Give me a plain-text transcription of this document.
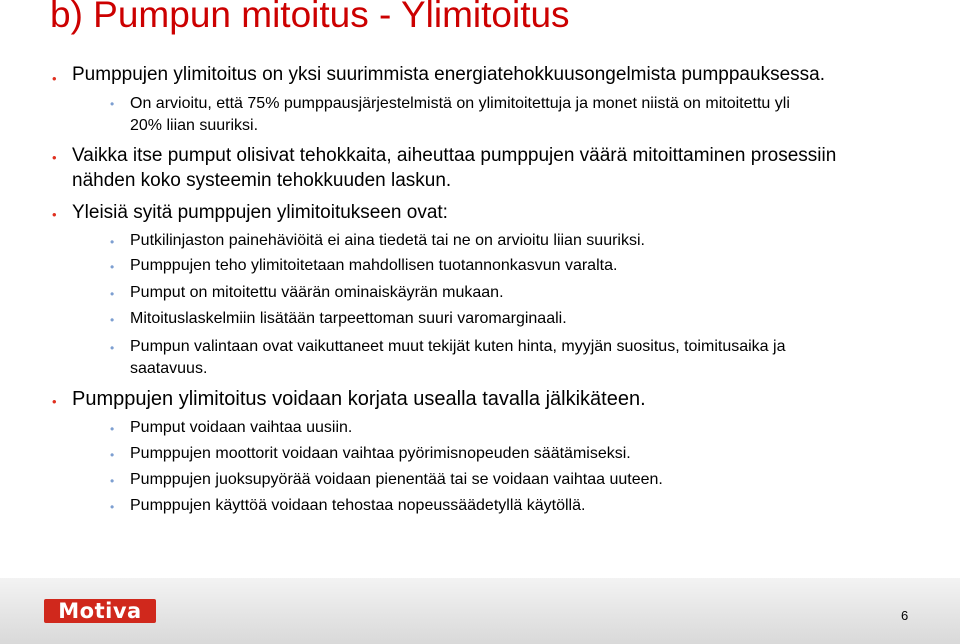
b) Pumpun mitoitus - Ylimitoitus
• Pumppujen ylimitoitus on yksi suurimmista energiatehokkuusongelmista pumppauksessa.
• On arvioitu, että 75% pumppausjärjestelmistä on ylimitoitettuja ja monet niistä on mitoitettu yli
20% liian suuriksi.
• Vaikka itse pumput olisivat tehokkaita, aiheuttaa pumppujen väärä mitoittaminen prosessiin
nähden koko systeemin tehokkuuden laskun.
• Yleisiä syitä pumppujen ylimitoitukseen ovat:
• Putkilinjaston painehäviöitä ei aina tiedetä tai ne on arvioitu liian suuriksi.
• Pumppujen teho ylimitoitetaan mahdollisen tuotannonkasvun varalta.
• Pumput on mitoitettu väärän ominaiskäyrän mukaan.
• Mitoituslaskelmiin lisätään tarpeettoman suuri varomarginaali.
• Pumpun valintaan ovat vaikuttaneet muut tekijät kuten hinta, myyjän suositus, toimitusaika ja
saatavuus.
• Pumppujen ylimitoitus voidaan korjata usealla tavalla jälkikäteen.
• Pumput voidaan vaihtaa uusiin.
• Pumppujen moottorit voidaan vaihtaa pyörimisnopeuden säätämiseksi.
• Pumppujen juoksupyörää voidaan pienentää tai se voidaan vaihtaa uuteen.
• Pumppujen käyttöä voidaan tehostaa nopeussäädetyllä käytöllä.
Motiva	6
